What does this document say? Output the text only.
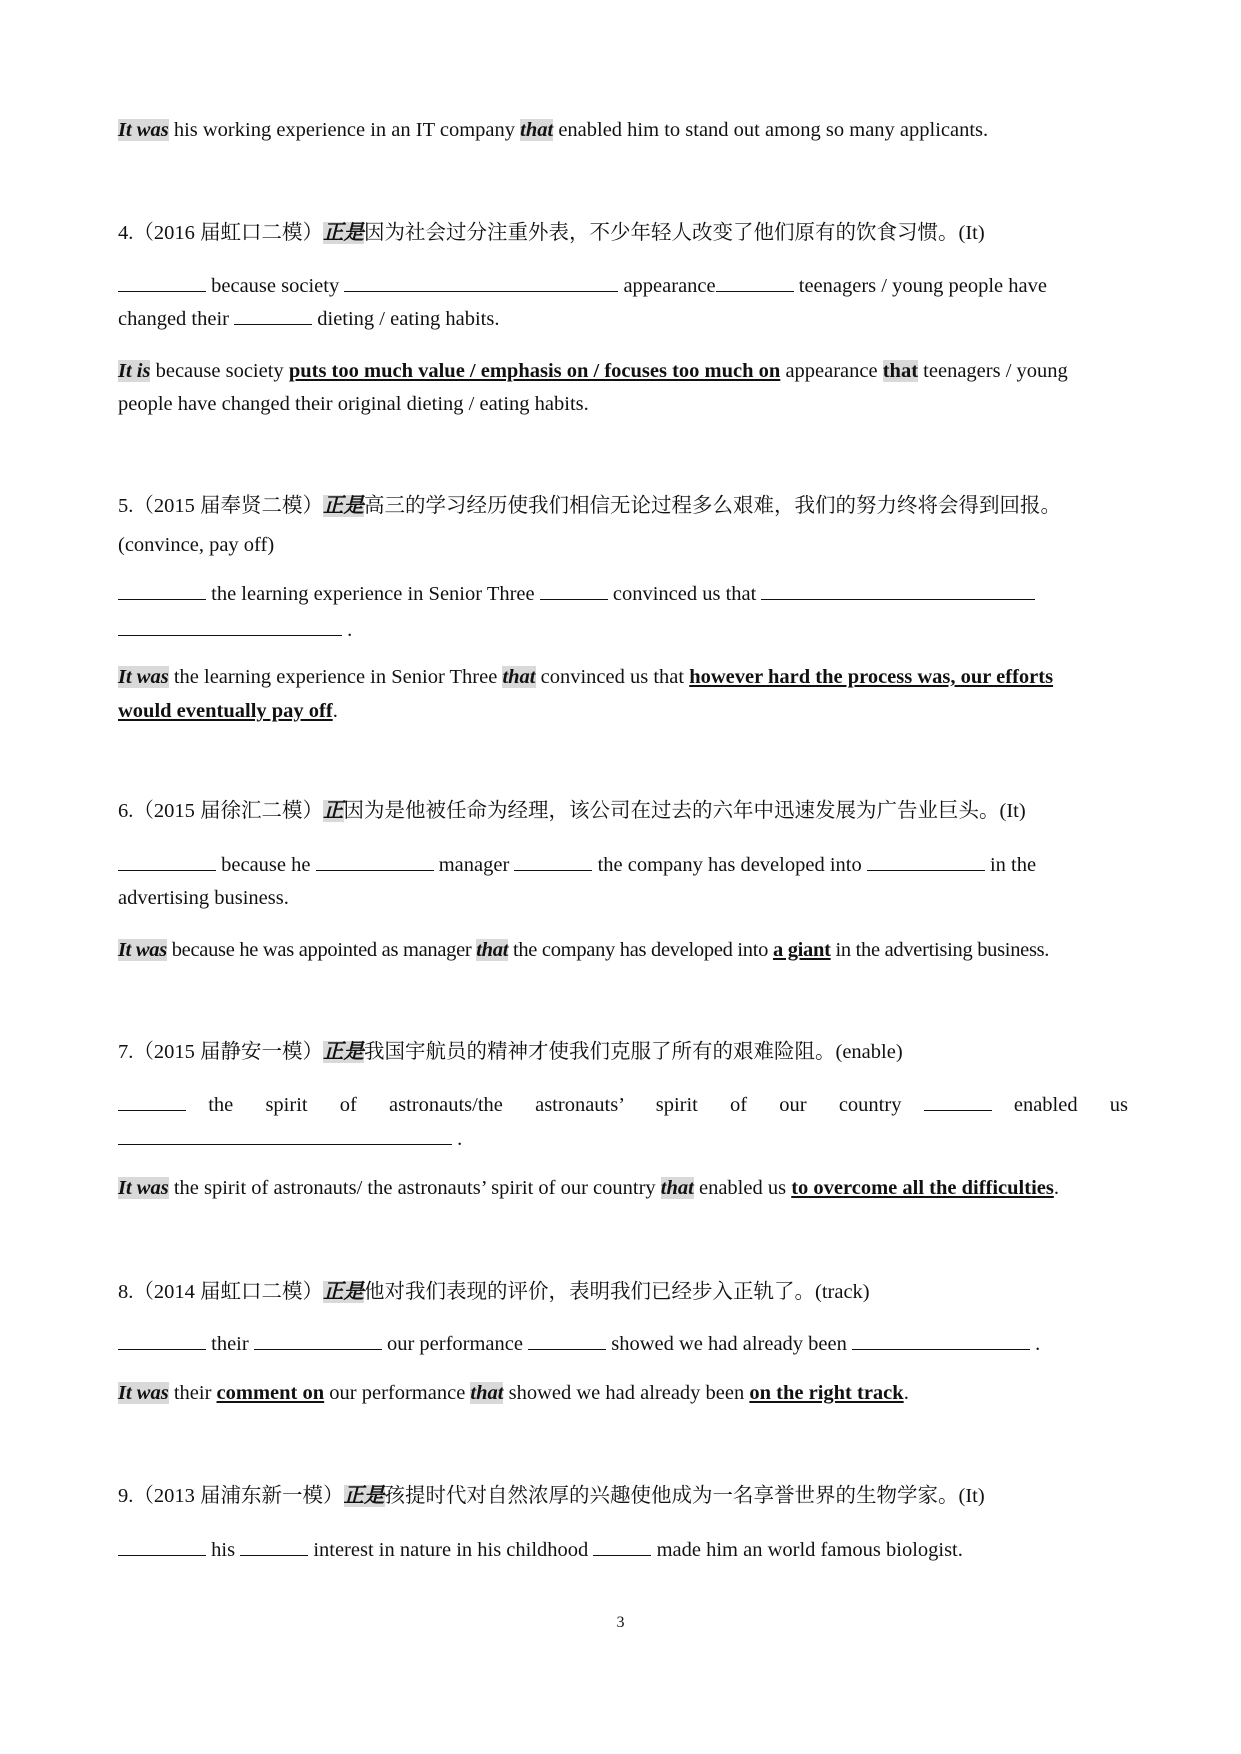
It was his working experience in an IT company that enabled him to stand out among so many applicants.
4.（2016 届虹口二模）正是因为社会过分注重外表，不少年轻人改变了他们原有的饮食习惯。(It)
because society	appearance	teenagers / young people have
changed their	dieting / eating habits.
It is because society puts too much value / emphasis on / focuses too much on appearance that teenagers / young
people have changed their original dieting / eating habits.
5.（2015 届奉贤二模）正是高三的学习经历使我们相信无论过程多么艰难，我们的努力终将会得到回报。
(convince, pay off)
the learning experience in Senior Three	convinced us that
.
It was the learning experience in Senior Three that convinced us that however hard the process was, our efforts
would eventually pay off.
6.（2015 届徐汇二模）正因为是他被任命为经理，该公司在过去的六年中迅速发展为广告业巨头。(It)
because he	manager	the company has developed into	in the
advertising business.
It was because he was appointed as manager that the company has developed into a giant in the advertising business.
7.（2015 届静安一模）正是我国宇航员的精神才使我们克服了所有的艰难险阻。(enable)
the spirit of astronauts/the astronauts’ spirit of our country	enabled us
.
It was the spirit of astronauts/ the astronauts’ spirit of our country that enabled us to overcome all the difficulties.
8.（2014 届虹口二模）正是他对我们表现的评价，表明我们已经步入正轨了。(track)
their	our performance	showed we had already been	.
It was their comment on our performance that showed we had already been on the right track.
9.（2013 届浦东新一模）正是孩提时代对自然浓厚的兴趣使他成为一名享誉世界的生物学家。(It)
his	interest in nature in his childhood	made him an world famous biologist.
3
